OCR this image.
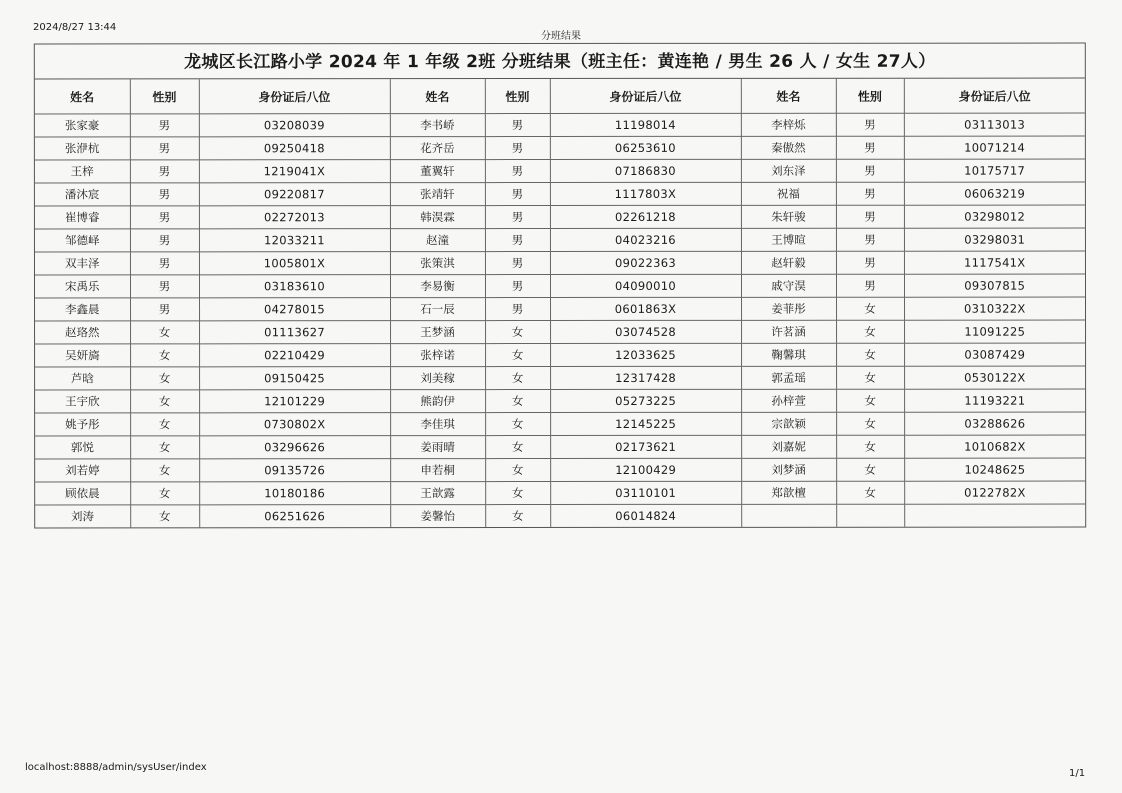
2024/8/27 13:44
分班结果
龙城区长江路小学 2024 年 1 年级 2班 分班结果（班主任：黄连艳 / 男生 26 人 / 女生 27人）
姓名	性别	身份证后八位	姓名	性别	身份证后八位	姓名	性别	身份证后八位
张家豪	男	03208039	李书峤	男	11198014	李梓烁	男	03113013
张洢杭	男	09250418	花齐岳	男	06253610	秦傲然	男	10071214
王梓	男	1219041X	董翼轩	男	07186830	刘东泽	男	10175717
潘沐宸	男	09220817	张靖轩	男	1117803X	祝福	男	06063219
崔博睿	男	02272013	韩淏霖	男	02261218	朱轩骏	男	03298012
邹德峄	男	12033211	赵潼	男	04023216	王博暄	男	03298031
双丰泽	男	1005801X	张策淇	男	09022363	赵轩毅	男	1117541X
宋禹乐	男	03183610	李易衡	男	04090010	戚守淏	男	09307815
李鑫晨	男	04278015	石一辰	男	0601863X	姜菲彤	女	0310322X
赵珞然	女	01113627	王梦涵	女	03074528	许茗涵	女	11091225
吴妍旖	女	02210429	张梓诺	女	12033625	鞠馨琪	女	03087429
芦晗	女	09150425	刘美稼	女	12317428	郭孟瑶	女	0530122X
王宇欣	女	12101229	熊韵伊	女	05273225	孙梓萱	女	11193221
姚予彤	女	0730802X	李佳琪	女	12145225	宗歆颖	女	03288626
郭悦	女	03296626	姜雨晴	女	02173621	刘嘉妮	女	1010682X
刘若婷	女	09135726	申若桐	女	12100429	刘梦涵	女	10248625
顾依晨	女	10180186	王歆露	女	03110101	郑歆檀	女	0122782X
刘涛	女	06251626	姜馨怡	女	06014824			
localhost:8888/admin/sysUser/index
1/1
